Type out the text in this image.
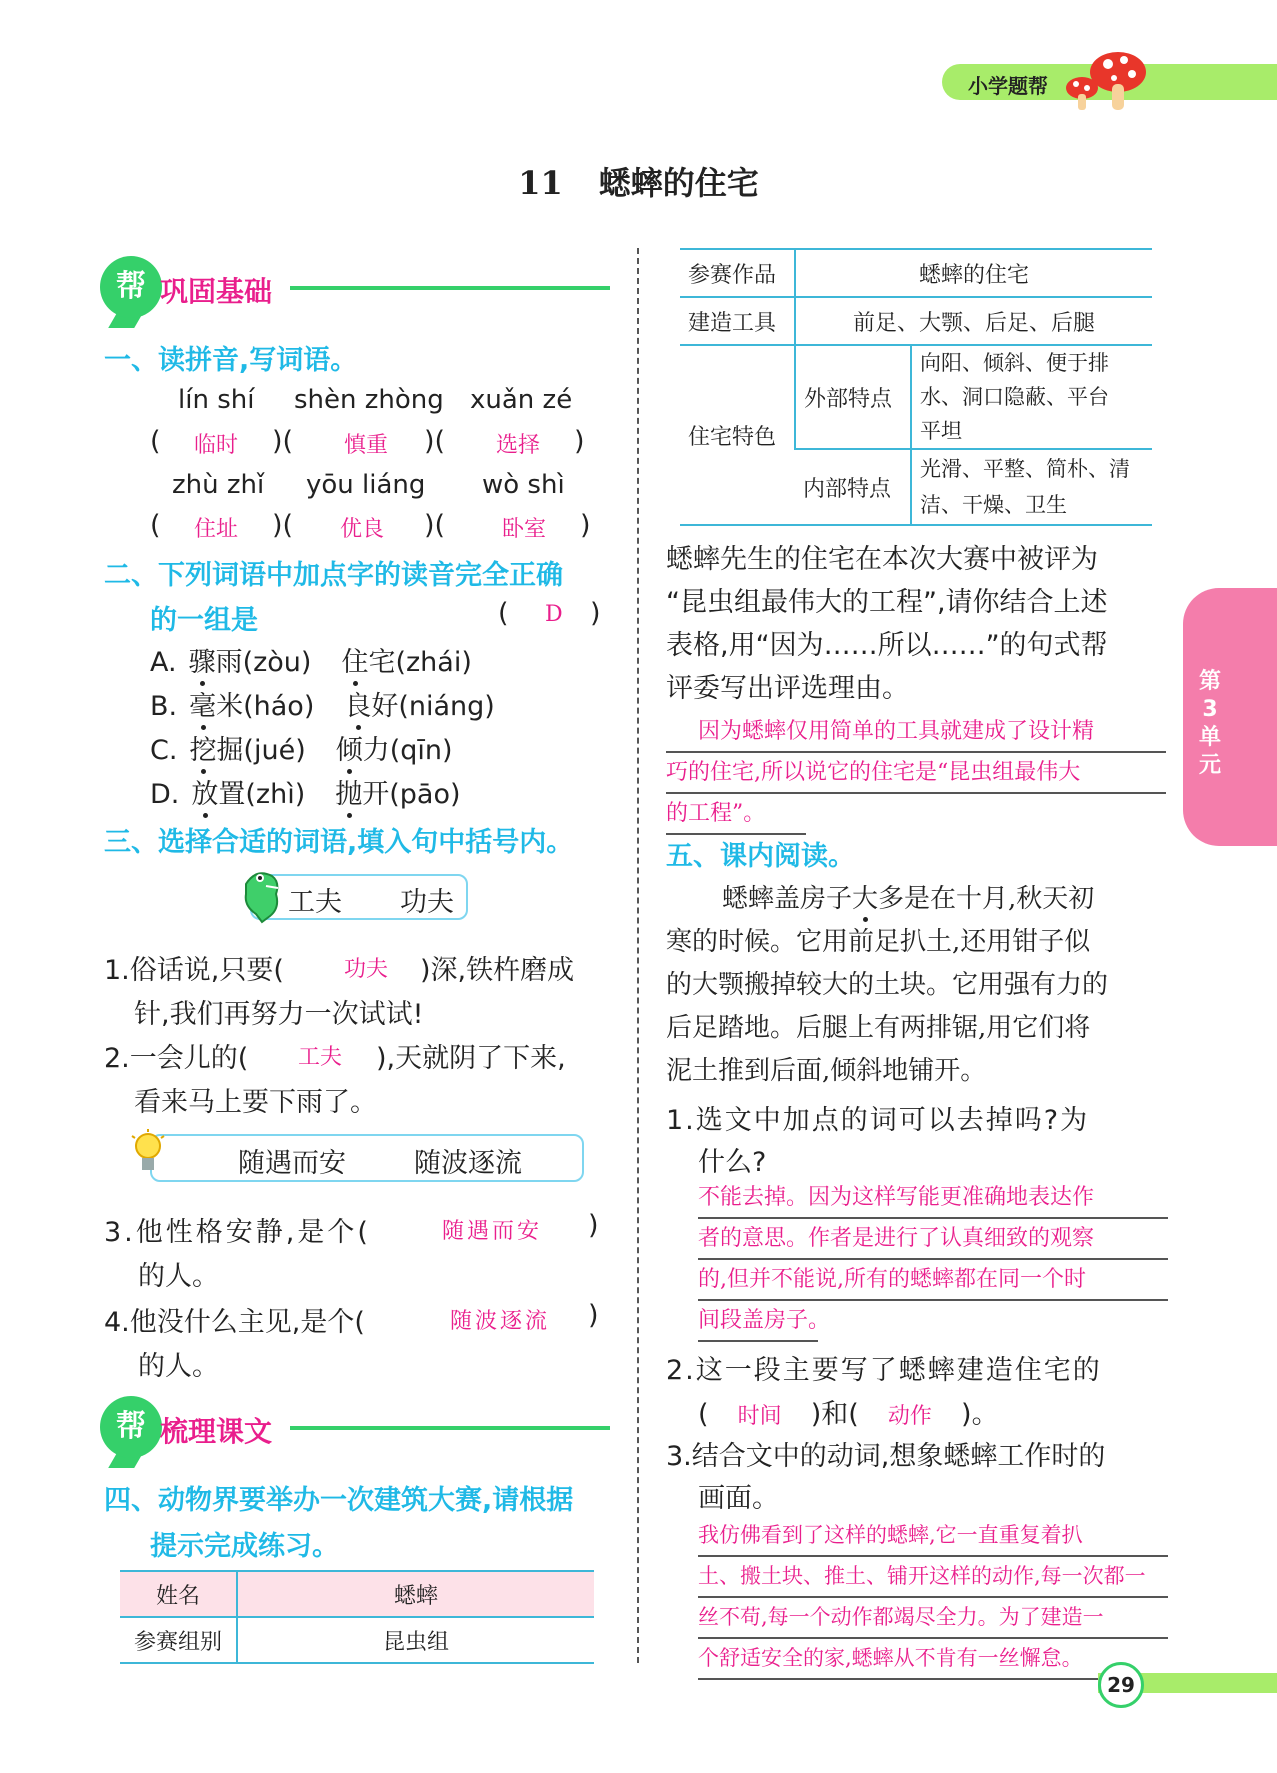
小学题帮
11 蟋蟀的住宅
帮 巩固基础
一、读拼音,写词语。
lín shí shèn zhòng xuǎn zé
( 临时 )( 慎重 )( 选择 )
zhù zhǐ yōu liáng wò shì
( 住址 )( 优良 )(	卧室 )
二、下列词语中加点字的读音完全正确
的一组是	( D )
A. 骤雨(zòu) 住宅(zhái)
B. 毫米(háo) 良好(niáng)
C. 挖掘(jué) 倾力(qīn)
D. 放置(zhì) 抛开(pāo)
三、选择合适的词语,填入句中括号内。
工夫 功夫
1.俗话说,只要(	功夫 )深,铁杵磨成
针,我们再努力一次试试!
2.一会儿的( 工夫 ),天就阴了下来,
看来马上要下雨了。
随遇而安	随波逐流
3.他性格安静,是个(	随遇而安 )
的人。
4.他没什么主见,是个(	随波逐流 )
的人。
帮 梳理课文
四、动物界要举办一次建筑大赛,请根据
提示完成练习。
姓名	蟋蟀
参赛组别	昆虫组
参赛作品	蟋蟀的住宅	
建造工具	前足、大颚、后足、后腿	
住宅特色	外部特点	向阳、倾斜、便于排
水、洞口隐蔽、平台
平坦

	内部特点	光滑、平整、简朴、清
洁、干燥、卫生
蟋蟀先生的住宅在本次大赛中被评为
“昆虫组最伟大的工程”,请你结合上述
表格,用“因为……所以……”的句式帮
评委写出评选理由。
因为蟋蟀仅用简单的工具就建成了设计精
巧的住宅,所以说它的住宅是“昆虫组最伟大
的工程”。
五、课内阅读。
蟋蟀盖房子大多是在十月,秋天初
寒的时候。它用前足扒土,还用钳子似
的大颚搬掉较大的土块。它用强有力的
后足踏地。后腿上有两排锯,用它们将
泥土推到后面,倾斜地铺开。
1.选文中加点的词可以去掉吗?为
什么?
不能去掉。因为这样写能更准确地表达作
者的意思。作者是进行了认真细致的观察
的,但并不能说,所有的蟋蟀都在同一个时
间段盖房子。
2.这一段主要写了蟋蟀建造住宅的
( 时间 )和( 动作 )。
3.结合文中的动词,想象蟋蟀工作时的
画面。
我仿佛看到了这样的蟋蟀,它一直重复着扒
土、搬土块、推土、铺开这样的动作,每一次都一
丝不苟,每一个动作都竭尽全力。为了建造一
个舒适安全的家,蟋蟀从不肯有一丝懈怠。
第
3
单
元
29
